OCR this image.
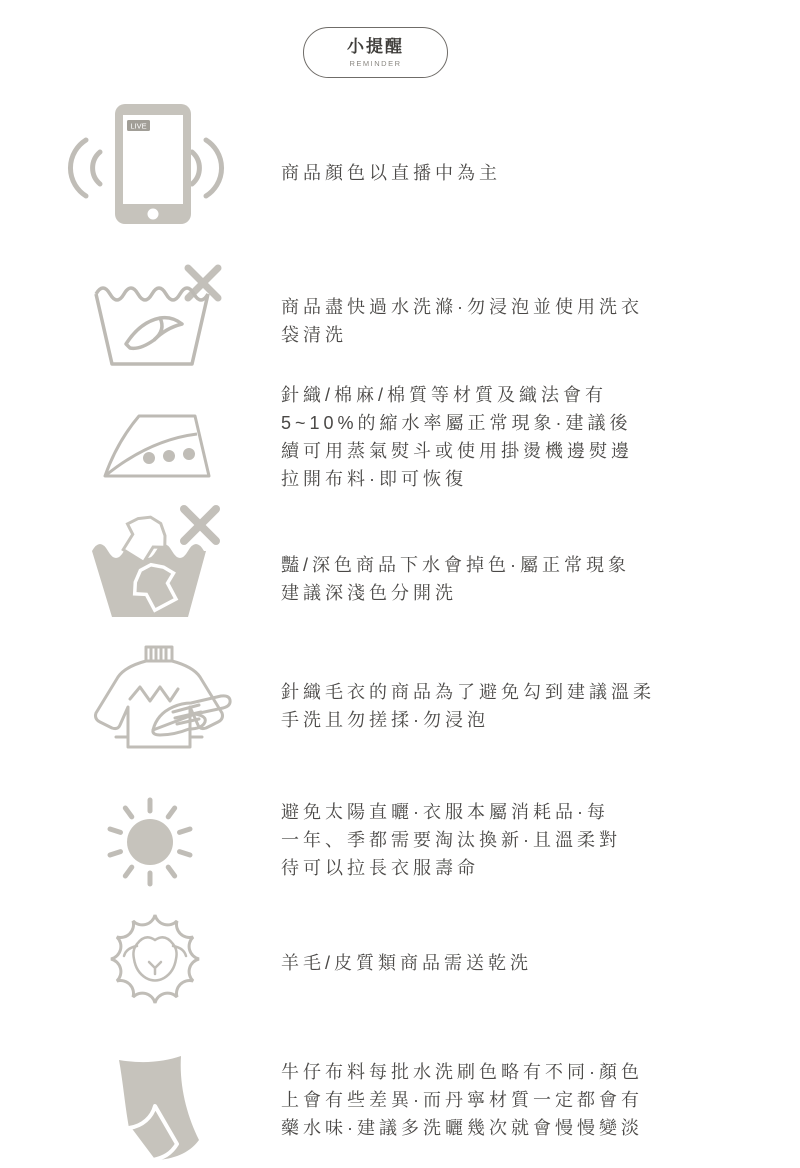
小提醒
REMINDER
LIVE
商品顏色以直播中為主
商品盡快過水洗滌·勿浸泡並使用洗衣
袋清洗
針織/棉麻/棉質等材質及織法會有
5~10%的縮水率屬正常現象·建議後
續可用蒸氣熨斗或使用掛燙機邊熨邊
拉開布料·即可恢復
豔/深色商品下水會掉色·屬正常現象
建議深淺色分開洗
針織毛衣的商品為了避免勾到建議溫柔
手洗且勿搓揉·勿浸泡
避免太陽直曬·衣服本屬消耗品·每
一年、季都需要淘汰換新·且溫柔對
待可以拉長衣服壽命
羊毛/皮質類商品需送乾洗
牛仔布料每批水洗刷色略有不同·顏色
上會有些差異·而丹寧材質一定都會有
藥水味·建議多洗曬幾次就會慢慢變淡
